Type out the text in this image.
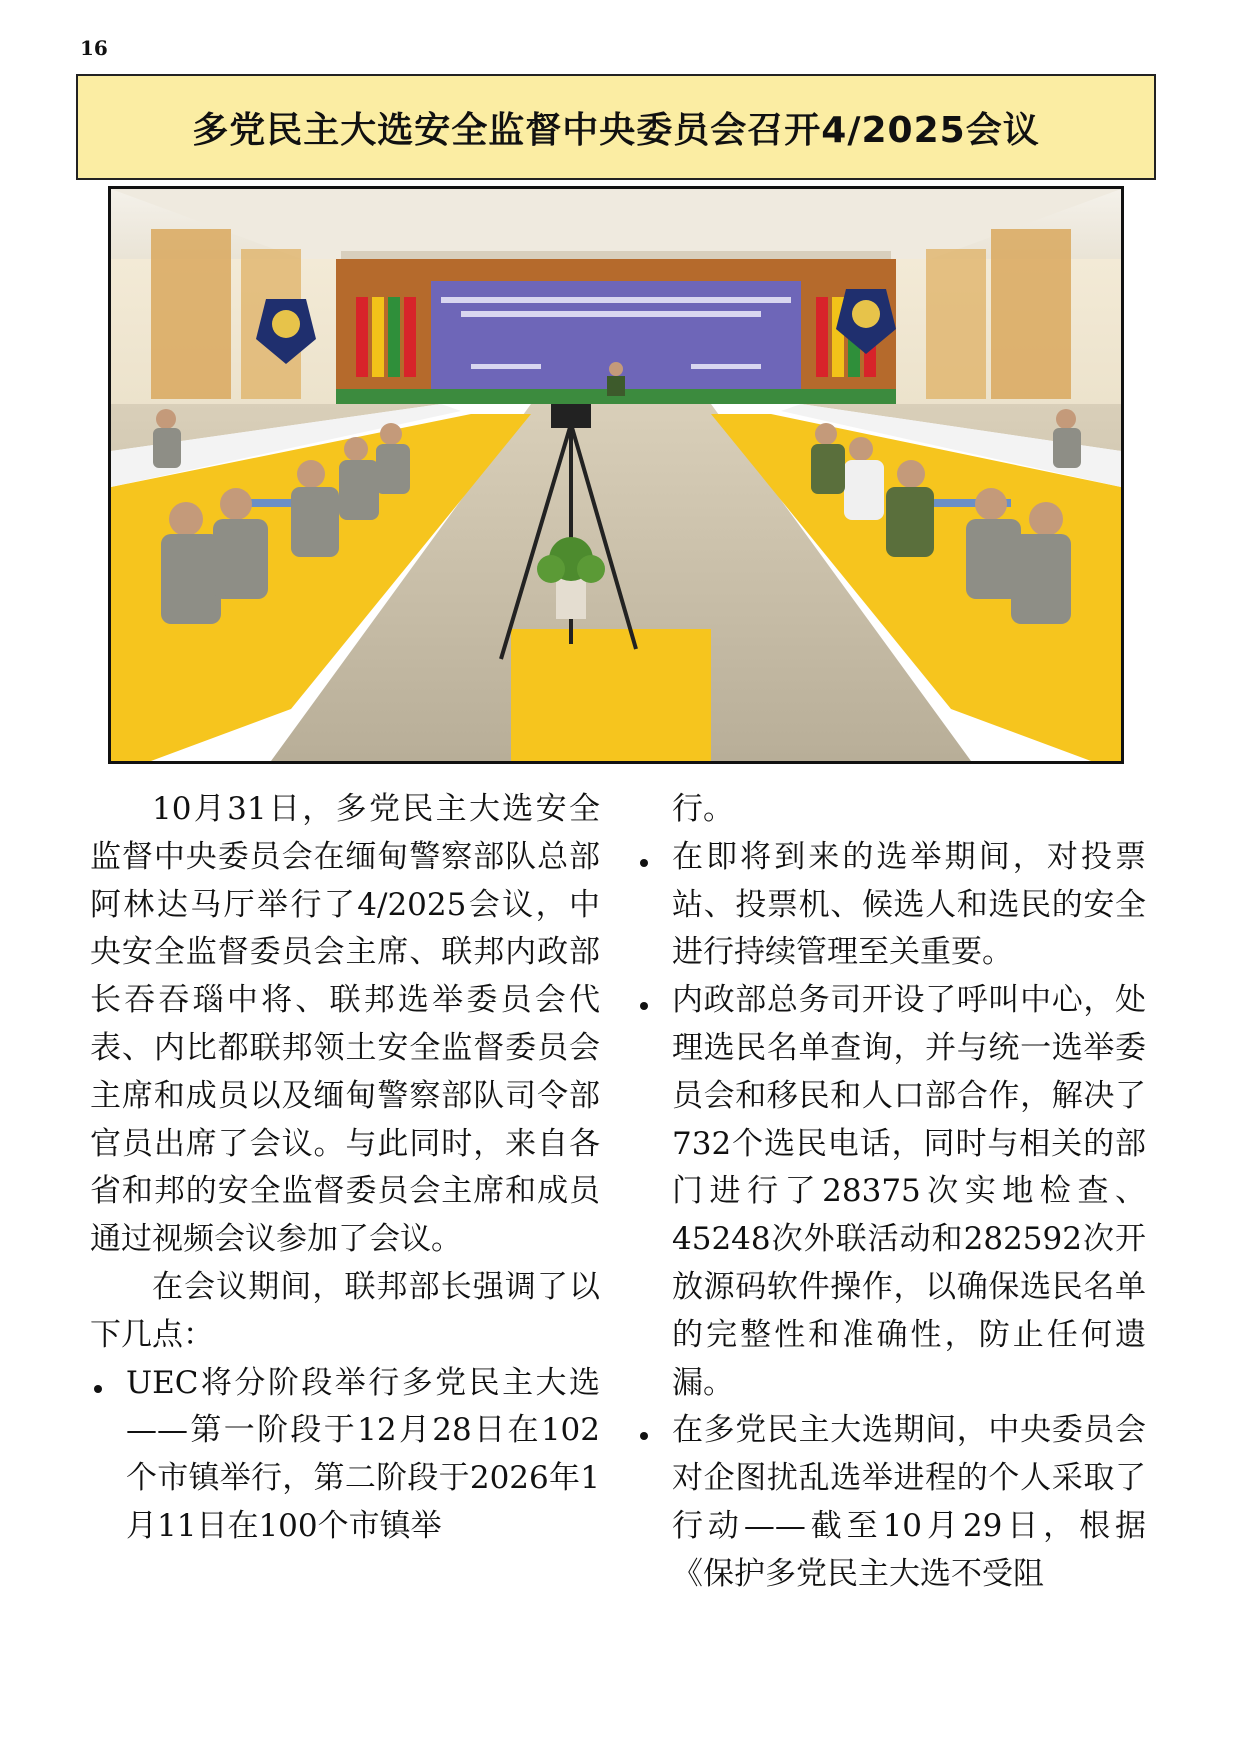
16
多党民主大选安全监督中央委员会召开4/2025会议

10月31日，多党民主大选安全监督中央委员会在缅甸警察部队总部阿林达马厅举行了4/2025会议，中央安全监督委员会主席、联邦内政部长吞吞瑙中将、联邦选举委员会代表、内比都联邦领土安全监督委员会主席和成员以及缅甸警察部队司令部官员出席了会议。与此同时，来自各省和邦的安全监督委员会主席和成员通过视频会议参加了会议。

在会议期间，联邦部长强调了以下几点：

UEC将分阶段举行多党民主大选——第一阶段于12月28日在102个市镇举行，第二阶段于2026年1月11日在100个市镇举

行。

在即将到来的选举期间，对投票站、投票机、候选人和选民的安全进行持续管理至关重要。
内政部总务司开设了呼叫中心，处理选民名单查询，并与统一选举委员会和移民和人口部合作，解决了732个选民电话，同时与相关的部门进行了28375次实地检查、45248次外联活动和282592次开放源码软件操作，以确保选民名单的完整性和准确性，防止任何遗漏。
在多党民主大选期间，中央委员会对企图扰乱选举进程的个人采取了行动——截至10月29日，根据《保护多党民主大选不受阻
